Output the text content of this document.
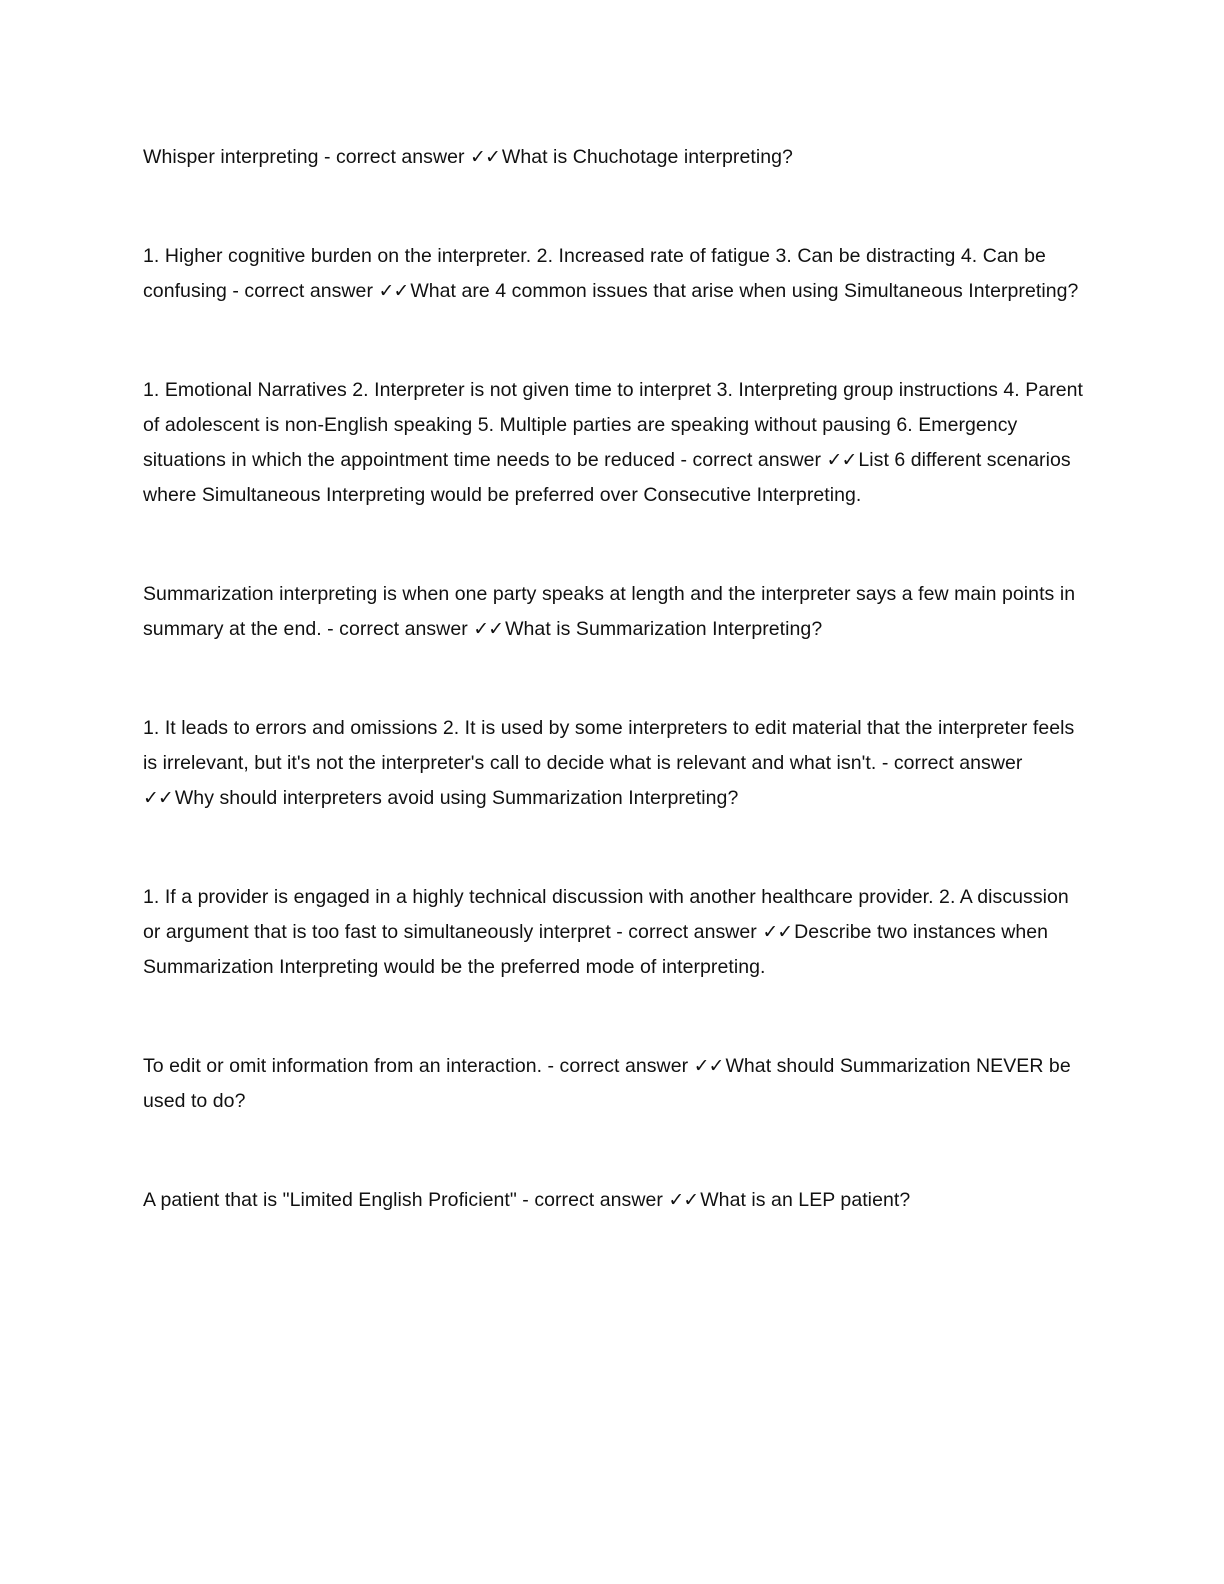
Whisper interpreting - correct answer ✓✓ What is Chuchotage interpreting?

1. Higher cognitive burden on the interpreter. 2. Increased rate of fatigue 3. Can be distracting 4. Can be confusing - correct answer ✓✓ What are 4 common issues that arise when using Simultaneous Interpreting?

1. Emotional Narratives 2. Interpreter is not given time to interpret 3. Interpreting group instructions 4. Parent of adolescent is non-English speaking 5. Multiple parties are speaking without pausing 6. Emergency situations in which the appointment time needs to be reduced - correct answer ✓✓ List 6 different scenarios where Simultaneous Interpreting would be preferred over Consecutive Interpreting.

Summarization interpreting is when one party speaks at length and the interpreter says a few main points in summary at the end. - correct answer ✓✓ What is Summarization Interpreting?

1. It leads to errors and omissions 2. It is used by some interpreters to edit material that the interpreter feels is irrelevant, but it's not the interpreter's call to decide what is relevant and what isn't. - correct answer ✓✓ Why should interpreters avoid using Summarization Interpreting?

1. If a provider is engaged in a highly technical discussion with another healthcare provider. 2. A discussion or argument that is too fast to simultaneously interpret - correct answer ✓✓ Describe two instances when Summarization Interpreting would be the preferred mode of interpreting.

To edit or omit information from an interaction. - correct answer ✓✓ What should Summarization NEVER be used to do?

A patient that is "Limited English Proficient" - correct answer ✓✓ What is an LEP patient?
